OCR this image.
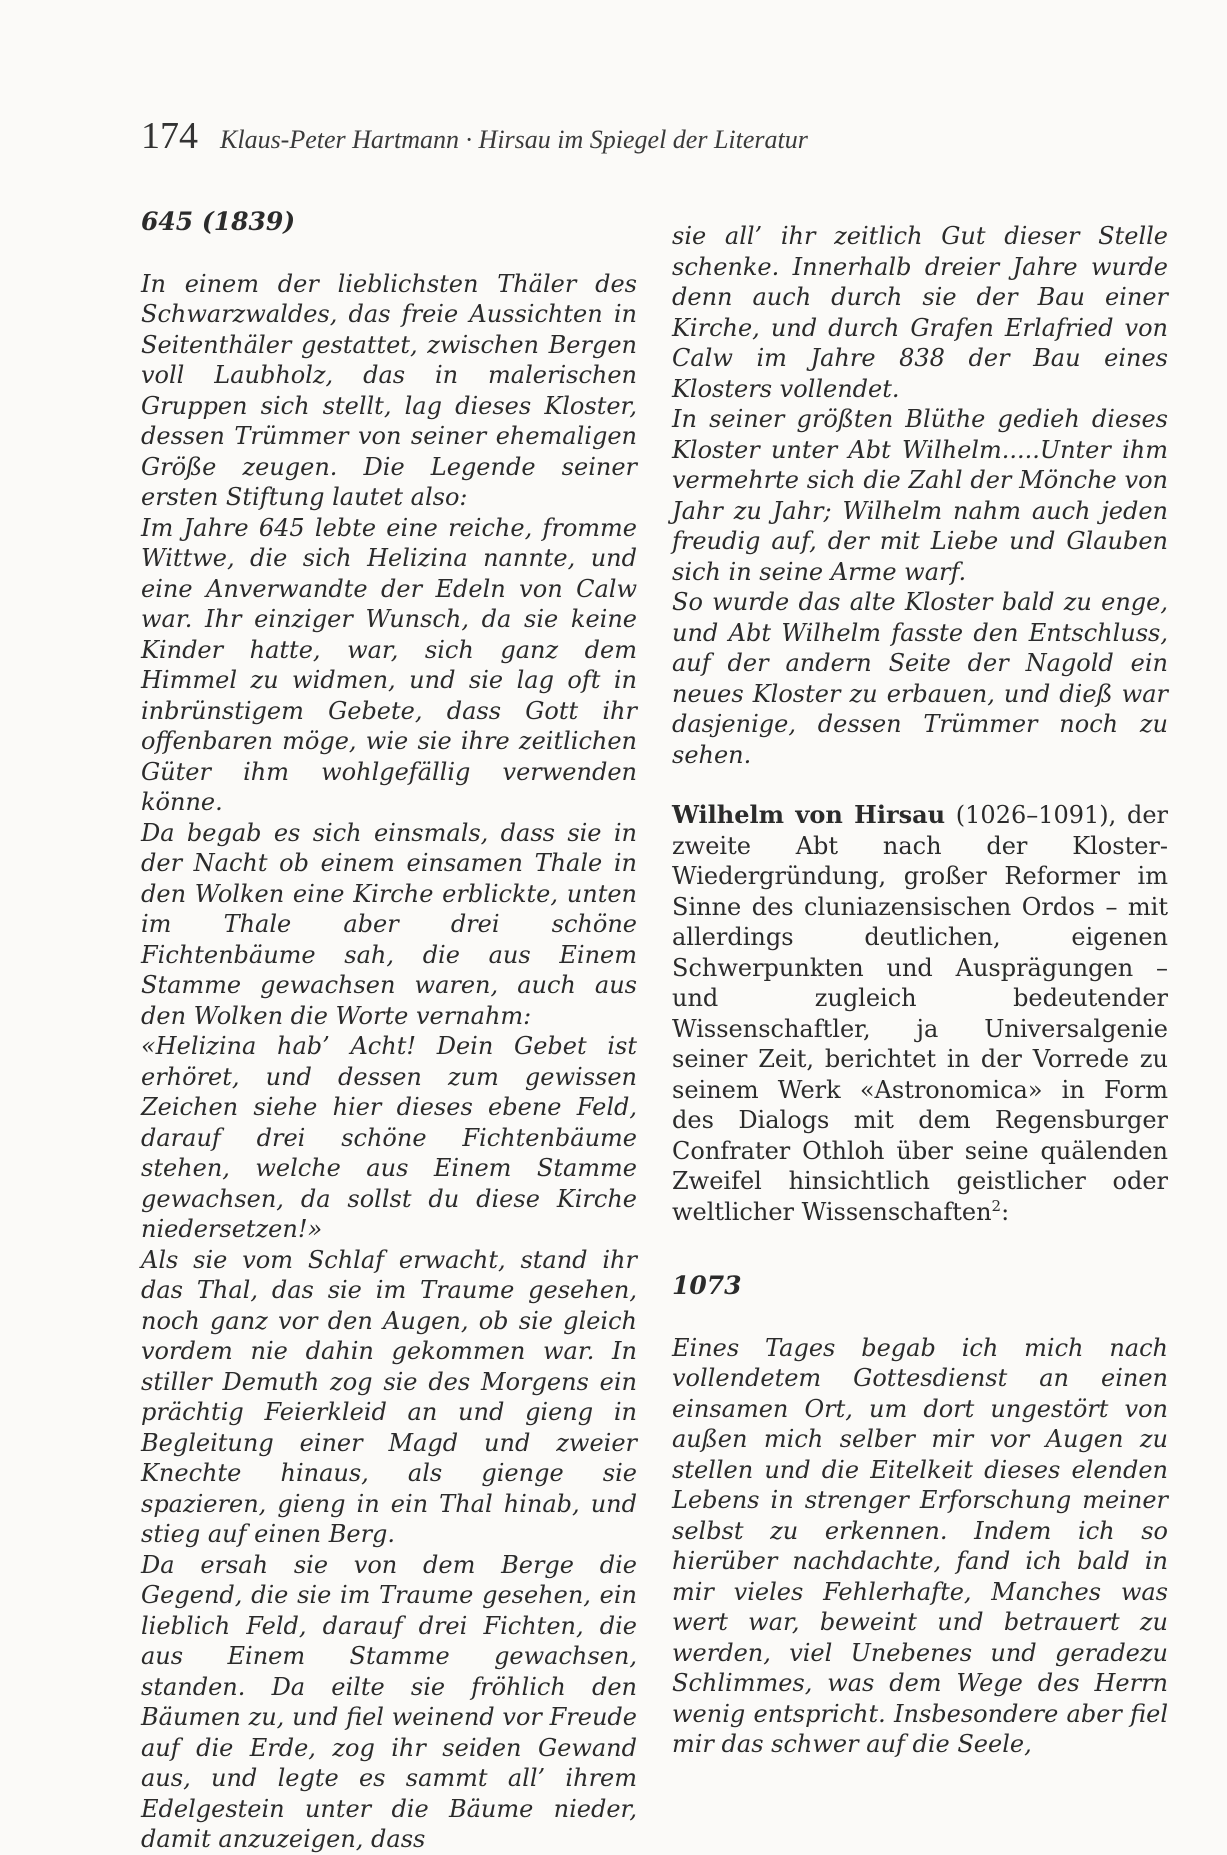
174 Klaus-Peter Hartmann · Hirsau im Spiegel der Literatur
645 (1839)

In einem der lieblichsten Thäler des Schwarzwaldes, das freie Aussichten in Seitenthäler gestattet, zwischen Bergen voll Laubholz, das in malerischen Gruppen sich stellt, lag dieses Kloster, dessen Trümmer von seiner ehemaligen Größe zeugen. Die Legende seiner ersten Stiftung lautet also:

Im Jahre 645 lebte eine reiche, fromme Wittwe, die sich Helizina nannte, und eine Anverwandte der Edeln von Calw war. Ihr einziger Wunsch, da sie keine Kinder hatte, war, sich ganz dem Himmel zu widmen, und sie lag oft in inbrünstigem Gebete, dass Gott ihr offenbaren möge, wie sie ihre zeitlichen Güter ihm wohlgefällig verwenden könne.

Da begab es sich einsmals, dass sie in der Nacht ob einem einsamen Thale in den Wolken eine Kirche erblickte, unten im Thale aber drei schöne Fichtenbäume sah, die aus Einem Stamme gewachsen waren, auch aus den Wolken die Worte vernahm:

«Helizina hab’ Acht! Dein Gebet ist erhöret, und dessen zum gewissen Zeichen siehe hier dieses ebene Feld, darauf drei schöne Fichtenbäume stehen, welche aus Einem Stamme gewachsen, da sollst du diese Kirche niedersetzen!»

Als sie vom Schlaf erwacht, stand ihr das Thal, das sie im Traume gesehen, noch ganz vor den Augen, ob sie gleich vordem nie dahin gekommen war. In stiller Demuth zog sie des Morgens ein prächtig Feierkleid an und gieng in Begleitung einer Magd und zweier Knechte hinaus, als gienge sie spazieren, gieng in ein Thal hinab, und stieg auf einen Berg.

Da ersah sie von dem Berge die Gegend, die sie im Traume gesehen, ein lieblich Feld, darauf drei Fichten, die aus Einem Stamme gewachsen, standen. Da eilte sie fröhlich den Bäumen zu, und fiel weinend vor Freude auf die Erde, zog ihr seiden Gewand aus, und legte es sammt all’ ihrem Edelgestein unter die Bäume nieder, damit anzuzeigen, dass

sie all’ ihr zeitlich Gut dieser Stelle schenke. Innerhalb dreier Jahre wurde denn auch durch sie der Bau einer Kirche, und durch Grafen Erlafried von Calw im Jahre 838 der Bau eines Klosters vollendet.

In seiner größten Blüthe gedieh dieses Kloster unter Abt Wilhelm.....Unter ihm vermehrte sich die Zahl der Mönche von Jahr zu Jahr; Wilhelm nahm auch jeden freudig auf, der mit Liebe und Glauben sich in seine Arme warf.

So wurde das alte Kloster bald zu enge, und Abt Wilhelm fasste den Entschluss, auf der andern Seite der Nagold ein neues Kloster zu erbauen, und dieß war dasjenige, dessen Trümmer noch zu sehen.

Wilhelm von Hirsau (1026–1091), der zweite Abt nach der Kloster-Wiedergründung, großer Reformer im Sinne des cluniazensischen Ordos – mit allerdings deutlichen, eigenen Schwerpunkten und Ausprägungen – und zugleich bedeutender Wissenschaftler, ja Universalgenie seiner Zeit, berichtet in der Vorrede zu seinem Werk «Astronomica» in Form des Dialogs mit dem Regensburger Confrater Othloh über seine quälenden Zweifel hinsichtlich geistlicher oder weltlicher Wissenschaften$^2$:

1073

Eines Tages begab ich mich nach vollendetem Gottesdienst an einen einsamen Ort, um dort ungestört von außen mich selber mir vor Augen zu stellen und die Eitelkeit dieses elenden Lebens in strenger Erforschung meiner selbst zu erkennen. Indem ich so hierüber nachdachte, fand ich bald in mir vieles Fehlerhafte, Manches was wert war, beweint und betrauert zu werden, viel Unebenes und geradezu Schlimmes, was dem Wege des Herrn wenig entspricht. Insbesondere aber fiel mir das schwer auf die Seele,
